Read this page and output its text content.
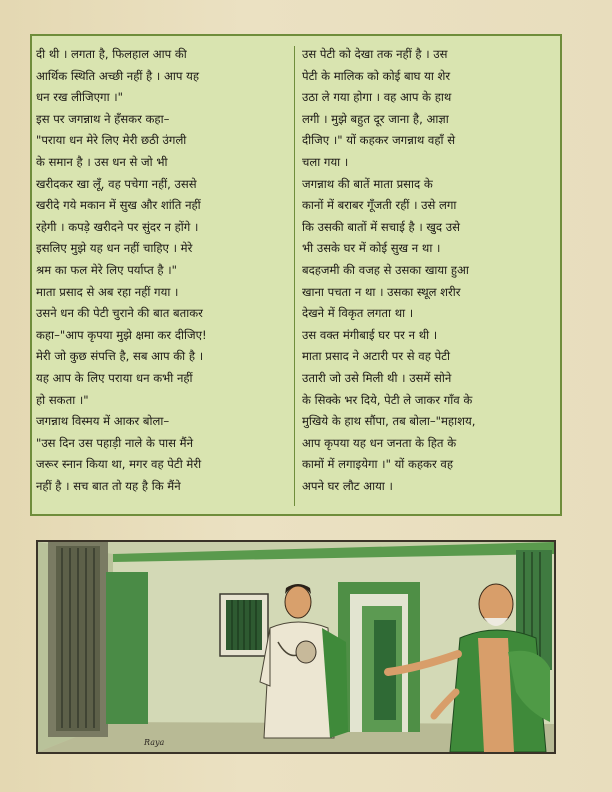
दी थी । लगता है, फिलहाल आप की
आर्थिक स्थिति अच्छी नहीं है । आप यह
धन रख लीजिएगा ।"
इस पर जगन्नाथ ने हँसकर कहा–
"पराया धन मेरे लिए मेरी छठी उंगली
के समान है । उस धन से जो भी
खरीदकर खा लूँ, वह पचेगा नहीं, उससे
खरीदे गये मकान में सुख और शांति नहीं
रहेगी । कपड़े खरीदने पर सुंदर न होंगे ।
इसलिए मुझे यह धन नहीं चाहिए । मेरे
श्रम का फल मेरे लिए पर्याप्त है ।"
माता प्रसाद से अब रहा नहीं गया ।
उसने धन की पेटी चुराने की बात बताकर
कहा–"आप कृपया मुझे क्षमा कर दीजिए!
मेरी जो कुछ संपत्ति है, सब आप की है ।
यह आप के लिए पराया धन कभी नहीं
हो सकता ।"
जगन्नाथ विस्मय में आकर बोला–
"उस दिन उस पहाड़ी नाले के पास मैंने
जरूर स्नान किया था, मगर वह पेटी मेरी
नहीं है । सच बात तो यह है कि मैंने
उस पेटी को देखा तक नहीं है । उस
पेटी के मालिक को कोई बाघ या शेर
उठा ले गया होगा । वह आप के हाथ
लगी । मुझे बहुत दूर जाना है, आज्ञा
दीजिए ।" यों कहकर जगन्नाथ वहाँ से
चला गया ।
जगन्नाथ की बातें माता प्रसाद के
कानों में बराबर गूँजती रहीं । उसे लगा
कि उसकी बातों में सचाई है । खुद उसे
भी उसके घर में कोई सुख न था ।
बदहजमी की वजह से उसका खाया हुआ
खाना पचता न था । उसका स्थूल शरीर
देखने में विकृत लगता था ।
उस वक्त मंगीबाई घर पर न थी ।
माता प्रसाद ने अटारी पर से वह पेटी
उतारी जो उसे मिली थी । उसमें सोने
के सिक्के भर दिये, पेटी ले जाकर गाँव के
मुखिये के हाथ सौंपा, तब बोला–"महाशय,
आप कृपया यह धन जनता के हित के
कामों में लगाइयेगा ।" यों कहकर वह
अपने घर लौट आया ।
Raya
